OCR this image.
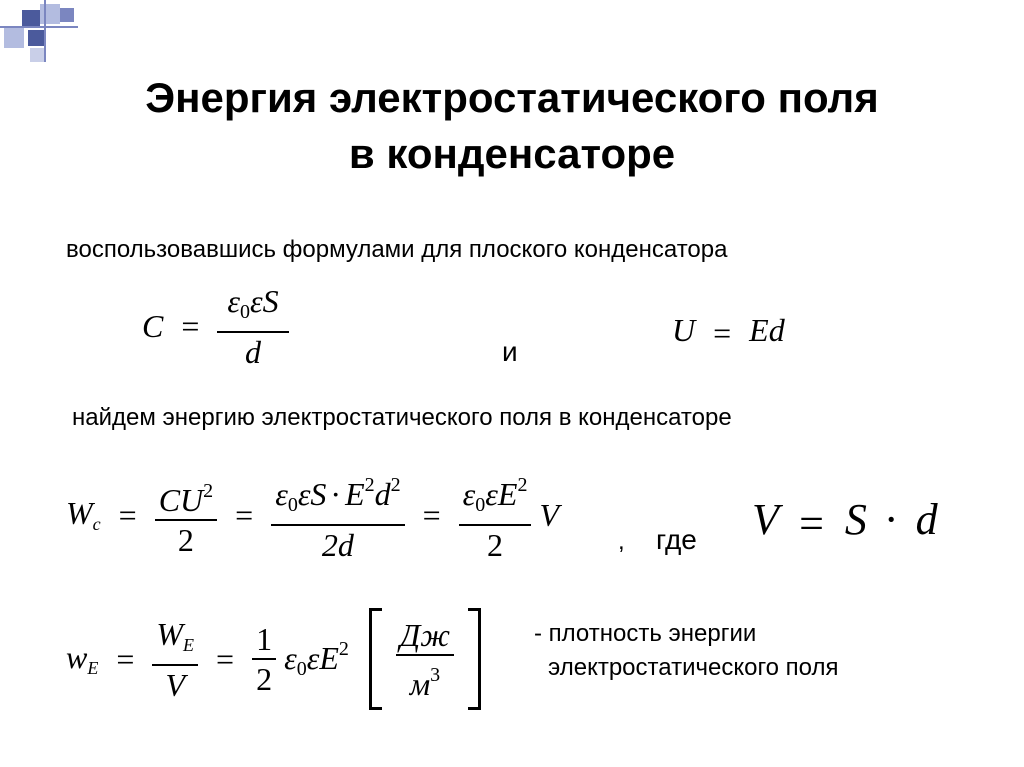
Энергия электростатического поля
в конденсаторе
воспользовавшись формулами для плоского конденсатора
$C = \frac{\varepsilon_0\varepsilon S}{d}$	и
U = Ed
найдем энергию электростатического поля в конденсаторе
$Wc = \frac{CU^2}{2} = \frac{\varepsilon_0\varepsilon S \cdot E^2d^2}{2d} = \frac{\varepsilon_0\varepsilon E^2}{2}$ V
, где V = S · d
wE = $\frac{WE}{V} = \frac{1}{2} \varepsilon_0\varepsilon E^2 \frac{Дж}{м^3}$
	- плотность энергии
электростатического поля
